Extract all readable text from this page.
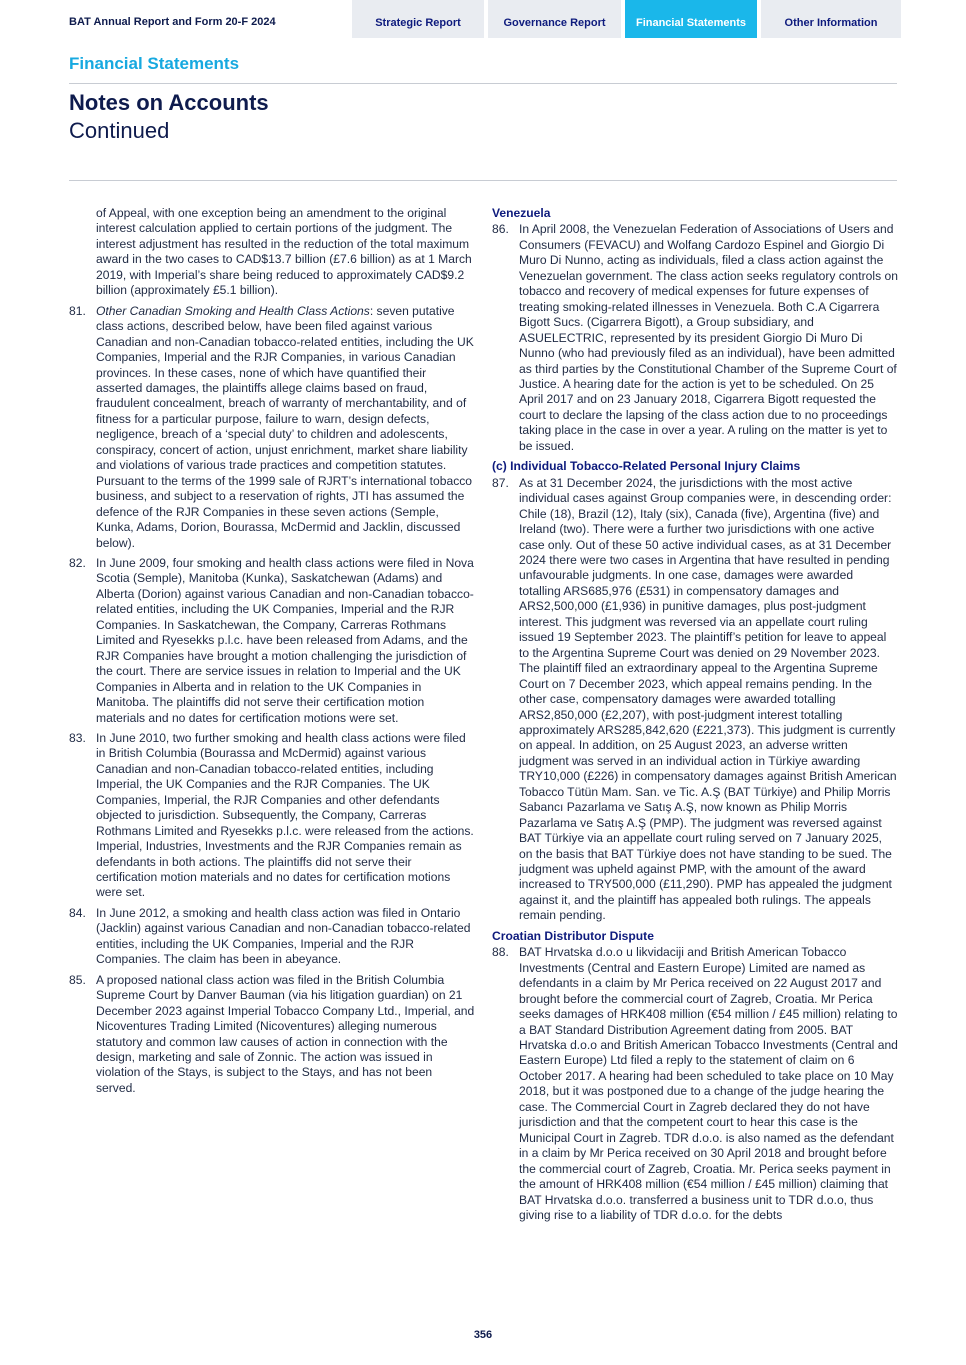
BAT Annual Report and Form 20-F 2024	Strategic Report	Governance Report	Financial Statements	Other Information
Financial Statements
Notes on Accounts
Continued
of Appeal, with one exception being an amendment to the original interest calculation applied to certain portions of the judgment. The interest adjustment has resulted in the reduction of the total maximum award in the two cases to CAD$13.7 billion (£7.6 billion) as at 1 March 2019, with Imperial’s share being reduced to approximately CAD$9.2 billion (approximately £5.1 billion).
81. Other Canadian Smoking and Health Class Actions: seven putative class actions, described below, have been filed against various Canadian and non-Canadian tobacco-related entities, including the UK Companies, Imperial and the RJR Companies, in various Canadian provinces. In these cases, none of which have quantified their asserted damages, the plaintiffs allege claims based on fraud, fraudulent concealment, breach of warranty of merchantability, and of fitness for a particular purpose, failure to warn, design defects, negligence, breach of a ‘special duty’ to children and adolescents, conspiracy, concert of action, unjust enrichment, market share liability and violations of various trade practices and competition statutes. Pursuant to the terms of the 1999 sale of RJRT’s international tobacco business, and subject to a reservation of rights, JTI has assumed the defence of the RJR Companies in these seven actions (Semple, Kunka, Adams, Dorion, Bourassa, McDermid and Jacklin, discussed below).
82. In June 2009, four smoking and health class actions were filed in Nova Scotia (Semple), Manitoba (Kunka), Saskatchewan (Adams) and Alberta (Dorion) against various Canadian and non-Canadian tobacco-related entities, including the UK Companies, Imperial and the RJR Companies. In Saskatchewan, the Company, Carreras Rothmans Limited and Ryesekks p.l.c. have been released from Adams, and the RJR Companies have brought a motion challenging the jurisdiction of the court. There are service issues in relation to Imperial and the UK Companies in Alberta and in relation to the UK Companies in Manitoba. The plaintiffs did not serve their certification motion materials and no dates for certification motions were set.
83. In June 2010, two further smoking and health class actions were filed in British Columbia (Bourassa and McDermid) against various Canadian and non-Canadian tobacco-related entities, including Imperial, the UK Companies and the RJR Companies. The UK Companies, Imperial, the RJR Companies and other defendants objected to jurisdiction. Subsequently, the Company, Carreras Rothmans Limited and Ryesekks p.l.c. were released from the actions. Imperial, Industries, Investments and the RJR Companies remain as defendants in both actions. The plaintiffs did not serve their certification motion materials and no dates for certification motions were set.
84. In June 2012, a smoking and health class action was filed in Ontario (Jacklin) against various Canadian and non-Canadian tobacco-related entities, including the UK Companies, Imperial and the RJR Companies. The claim has been in abeyance.
85. A proposed national class action was filed in the British Columbia Supreme Court by Danver Bauman (via his litigation guardian) on 21 December 2023 against Imperial Tobacco Company Ltd., Imperial, and Nicoventures Trading Limited (Nicoventures) alleging numerous statutory and common law causes of action in connection with the design, marketing and sale of Zonnic. The action was issued in violation of the Stays, is subject to the Stays, and has not been served.
Venezuela
86. In April 2008, the Venezuelan Federation of Associations of Users and Consumers (FEVACU) and Wolfang Cardozo Espinel and Giorgio Di Muro Di Nunno, acting as individuals, filed a class action against the Venezuelan government. The class action seeks regulatory controls on tobacco and recovery of medical expenses for future expenses of treating smoking-related illnesses in Venezuela. Both C.A Cigarrera Bigott Sucs. (Cigarrera Bigott), a Group subsidiary, and ASUELECTRIC, represented by its president Giorgio Di Muro Di Nunno (who had previously filed as an individual), have been admitted as third parties by the Constitutional Chamber of the Supreme Court of Justice. A hearing date for the action is yet to be scheduled. On 25 April 2017 and on 23 January 2018, Cigarrera Bigott requested the court to declare the lapsing of the class action due to no proceedings taking place in the case in over a year. A ruling on the matter is yet to be issued.
(c) Individual Tobacco-Related Personal Injury Claims
87. As at 31 December 2024, the jurisdictions with the most active individual cases against Group companies were, in descending order: Chile (18), Brazil (12), Italy (six), Canada (five), Argentina (five) and Ireland (two). There were a further two jurisdictions with one active case only. Out of these 50 active individual cases, as at 31 December 2024 there were two cases in Argentina that have resulted in pending unfavourable judgments. In one case, damages were awarded totalling ARS685,976 (£531) in compensatory damages and ARS2,500,000 (£1,936) in punitive damages, plus post-judgment interest. This judgment was reversed via an appellate court ruling issued 19 September 2023. The plaintiff’s petition for leave to appeal to the Argentina Supreme Court was denied on 29 November 2023. The plaintiff filed an extraordinary appeal to the Argentina Supreme Court on 7 December 2023, which appeal remains pending. In the other case, compensatory damages were awarded totalling ARS2,850,000 (£2,207), with post-judgment interest totalling approximately ARS285,842,620 (£221,373). This judgment is currently on appeal. In addition, on 25 August 2023, an adverse written judgment was served in an individual action in Türkiye awarding TRY10,000 (£226) in compensatory damages against British American Tobacco Tütün Mam. San. ve Tic. A.Ş (BAT Türkiye) and Philip Morris Sabancı Pazarlama ve Satış A.Ş, now known as Philip Morris Pazarlama ve Satış A.Ş (PMP). The judgment was reversed against BAT Türkiye via an appellate court ruling served on 7 January 2025, on the basis that BAT Türkiye does not have standing to be sued. The judgment was upheld against PMP, with the amount of the award increased to TRY500,000 (£11,290). PMP has appealed the judgment against it, and the plaintiff has appealed both rulings. The appeals remain pending.
Croatian Distributor Dispute
88. BAT Hrvatska d.o.o u likvidaciji and British American Tobacco Investments (Central and Eastern Europe) Limited are named as defendants in a claim by Mr Perica received on 22 August 2017 and brought before the commercial court of Zagreb, Croatia. Mr Perica seeks damages of HRK408 million (€54 million / £45 million) relating to a BAT Standard Distribution Agreement dating from 2005. BAT Hrvatska d.o.o and British American Tobacco Investments (Central and Eastern Europe) Ltd filed a reply to the statement of claim on 6 October 2017. A hearing had been scheduled to take place on 10 May 2018, but it was postponed due to a change of the judge hearing the case. The Commercial Court in Zagreb declared they do not have jurisdiction and that the competent court to hear this case is the Municipal Court in Zagreb. TDR d.o.o. is also named as the defendant in a claim by Mr Perica received on 30 April 2018 and brought before the commercial court of Zagreb, Croatia. Mr. Perica seeks payment in the amount of HRK408 million (€54 million / £45 million) claiming that BAT Hrvatska d.o.o. transferred a business unit to TDR d.o.o, thus giving rise to a liability of TDR d.o.o. for the debts
356
